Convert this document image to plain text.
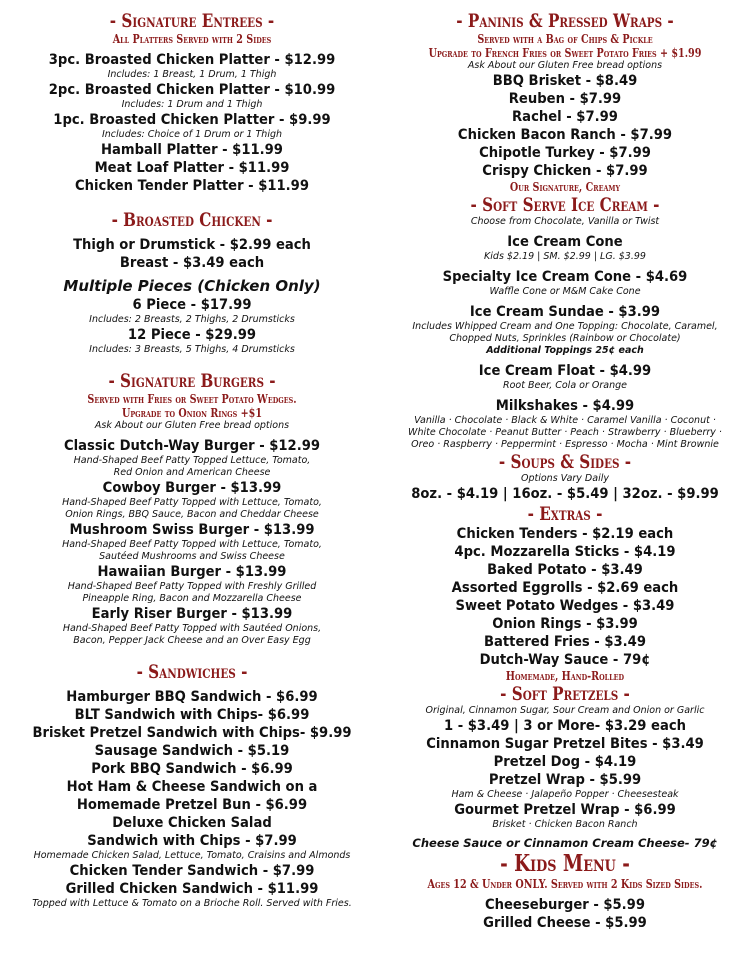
- Signature Entrees -
All Platters Served with 2 Sides
3pc. Broasted Chicken Platter - $12.99
Includes: 1 Breast, 1 Drum, 1 Thigh
2pc. Broasted Chicken Platter - $10.99
Includes: 1 Drum and 1 Thigh
1pc. Broasted Chicken Platter - $9.99
Includes: Choice of 1 Drum or 1 Thigh
Hamball Platter - $11.99
Meat Loaf Platter - $11.99
Chicken Tender Platter - $11.99
- Broasted Chicken -
Thigh or Drumstick - $2.99 each
Breast - $3.49 each
Multiple Pieces (Chicken Only)
6 Piece - $17.99
Includes: 2 Breasts, 2 Thighs, 2 Drumsticks
12 Piece - $29.99
Includes: 3 Breasts, 5 Thighs, 4 Drumsticks
- Signature Burgers -
Served with Fries or Sweet Potato Wedges.
Upgrade to Onion Rings +$1
Ask About our Gluten Free bread options
Classic Dutch-Way Burger - $12.99
Hand-Shaped Beef Patty Topped Lettuce, Tomato,
Red Onion and American Cheese
Cowboy Burger - $13.99
Hand-Shaped Beef Patty Topped with Lettuce, Tomato,
Onion Rings, BBQ Sauce, Bacon and Cheddar Cheese
Mushroom Swiss Burger - $13.99
Hand-Shaped Beef Patty Topped with Lettuce, Tomato,
Sautéed Mushrooms and Swiss Cheese
Hawaiian Burger - $13.99
Hand-Shaped Beef Patty Topped with Freshly Grilled
Pineapple Ring, Bacon and Mozzarella Cheese
Early Riser Burger - $13.99
Hand-Shaped Beef Patty Topped with Sautéed Onions,
Bacon, Pepper Jack Cheese and an Over Easy Egg
- Sandwiches -
Hamburger BBQ Sandwich - $6.99
BLT Sandwich with Chips- $6.99
Brisket Pretzel Sandwich with Chips- $9.99
Sausage Sandwich - $5.19
Pork BBQ Sandwich - $6.99
Hot Ham & Cheese Sandwich on a
Homemade Pretzel Bun - $6.99
Deluxe Chicken Salad
Sandwich with Chips - $7.99
Homemade Chicken Salad, Lettuce, Tomato, Craisins and Almonds
Chicken Tender Sandwich - $7.99
Grilled Chicken Sandwich - $11.99
Topped with Lettuce & Tomato on a Brioche Roll. Served with Fries.
- Paninis & Pressed Wraps -
Served with a Bag of Chips & Pickle
Upgrade to French Fries or Sweet Potato Fries + $1.99
Ask About our Gluten Free bread options
BBQ Brisket - $8.49
Reuben - $7.99
Rachel - $7.99
Chicken Bacon Ranch - $7.99
Chipotle Turkey - $7.99
Crispy Chicken - $7.99
Our Signature, Creamy
- Soft Serve Ice Cream -
Choose from Chocolate, Vanilla or Twist
Ice Cream Cone
Kids $2.19 | SM. $2.99 | LG. $3.99
Specialty Ice Cream Cone - $4.69
Waffle Cone or M&M Cake Cone
Ice Cream Sundae - $3.99
Includes Whipped Cream and One Topping: Chocolate, Caramel,
Chopped Nuts, Sprinkles (Rainbow or Chocolate)
Additional Toppings 25¢ each
Ice Cream Float - $4.99
Root Beer, Cola or Orange
Milkshakes - $4.99
Vanilla · Chocolate · Black & White · Caramel Vanilla · Coconut ·
White Chocolate · Peanut Butter · Peach · Strawberry · Blueberry ·
Oreo · Raspberry · Peppermint · Espresso · Mocha · Mint Brownie
- Soups & Sides -
Options Vary Daily
8oz. - $4.19 | 16oz. - $5.49 | 32oz. - $9.99
- Extras -
Chicken Tenders - $2.19 each
4pc. Mozzarella Sticks - $4.19
Baked Potato - $3.49
Assorted Eggrolls - $2.69 each
Sweet Potato Wedges - $3.49
Onion Rings - $3.99
Battered Fries - $3.49
Dutch-Way Sauce - 79¢
Homemade, Hand-Rolled
- Soft Pretzels -
Original, Cinnamon Sugar, Sour Cream and Onion or Garlic
1 - $3.49 | 3 or More- $3.29 each
Cinnamon Sugar Pretzel Bites - $3.49
Pretzel Dog - $4.19
Pretzel Wrap - $5.99
Ham & Cheese · Jalapeño Popper · Cheesesteak
Gourmet Pretzel Wrap - $6.99
Brisket · Chicken Bacon Ranch
Cheese Sauce or Cinnamon Cream Cheese- 79¢
- Kids Menu -
Ages 12 & Under ONLY. Served with 2 Kids Sized Sides.
Cheeseburger - $5.99
Grilled Cheese - $5.99
